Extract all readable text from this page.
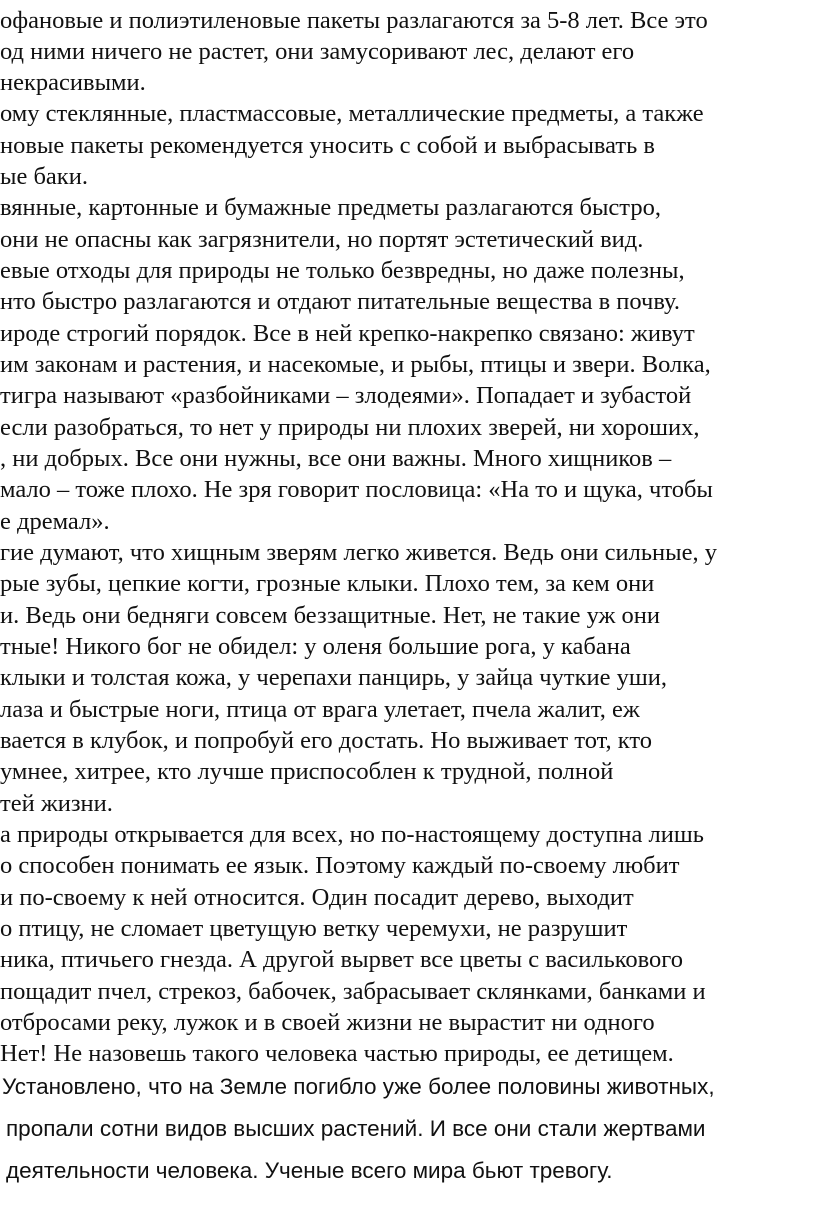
офановые и полиэтиленовые пакеты разлагаются за 5-8 лет. Все это
од ними ничего не растет, они замусоривают лес, делают его
некрасивыми.
ому стеклянные, пластмассовые, металлические предметы, а также
новые пакеты рекомендуется уносить с собой и выбрасывать в
ые баки.
вянные, картонные и бумажные предметы разлагаются быстро,
они не опасны как загрязнители, но портят эстетический вид.
евые отходы для природы не только безвредны, но даже полезны,
нто быстро разлагаются и отдают питательные вещества в почву.
ироде строгий порядок. Все в ней крепко-накрепко связано: живут
им законам и растения, и насекомые, и рыбы, птицы и звери. Волка,
тигра называют «разбойниками – злодеями». Попадает и зубастой
если разобраться, то нет у природы ни плохих зверей, ни хороших,
, ни добрых. Все они нужны, все они важны. Много хищников –
мало – тоже плохо. Не зря говорит пословица: «На то и щука, чтобы
е дремал».
гие думают, что хищным зверям легко живется. Ведь они сильные, у
рые зубы, цепкие когти, грозные клыки. Плохо тем, за кем они
и. Ведь они бедняги совсем беззащитные. Нет, не такие уж они
тные! Никого бог не обидел: у оленя большие рога, у кабана
клыки и толстая кожа, у черепахи панцирь, у зайца чуткие уши,
лаза и быстрые ноги, птица от врага улетает, пчела жалит, еж
вается в клубок, и попробуй его достать. Но выживает тот, кто
умнее, хитрее, кто лучше приспособлен к трудной, полной
тей жизни.
а природы открывается для всех, но по-настоящему доступна лишь
о способен понимать ее язык. Поэтому каждый по-своему любит
и по-своему к ней относится. Один посадит дерево, выходит
о птицу, не сломает цветущую ветку черемухи, не разрушит
ника, птичьего гнезда. А другой вырвет все цветы с василькового
пощадит пчел, стрекоз, бабочек, забрасывает склянками, банками и
отбросами реку, лужок и в своей жизни не вырастит ни одного
Нет! Не назовешь такого человека частью природы, ее детищем.
Установлено, что на Земле погибло уже более половины животных,
пропали сотни видов высших растений. И все они стали жертвами
деятельности человека. Ученые всего мира бьют тревогу.
